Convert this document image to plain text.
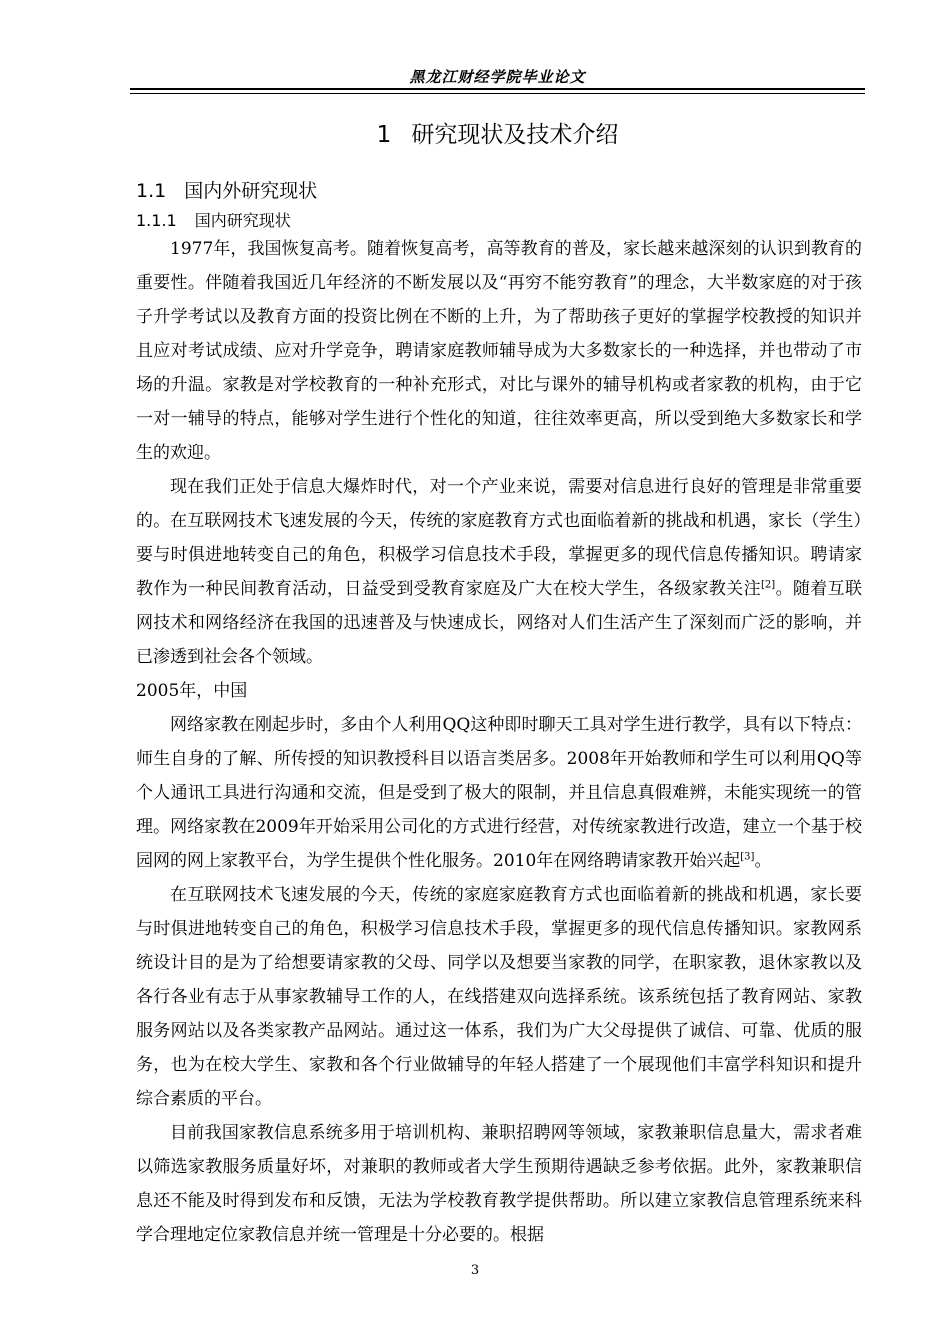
黑龙江财经学院毕业论文
1 研究现状及技术介绍
1.1 国内外研究现状
1.1.1 国内研究现状

1977年，我国恢复高考。随着恢复高考，高等教育的普及，家长越来越深刻的认识到教育的重要性。伴随着我国近几年经济的不断发展以及“再穷不能穷教育”的理念，大半数家庭的对于孩子升学考试以及教育方面的投资比例在不断的上升，为了帮助孩子更好的掌握学校教授的知识并且应对考试成绩、应对升学竞争，聘请家庭教师辅导成为大多数家长的一种选择，并也带动了市场的升温。家教是对学校教育的一种补充形式，对比与课外的辅导机构或者家教的机构，由于它一对一辅导的特点，能够对学生进行个性化的知道，往往效率更高，所以受到绝大多数家长和学生的欢迎。

现在我们正处于信息大爆炸时代，对一个产业来说，需要对信息进行良好的管理是非常重要的。在互联网技术飞速发展的今天，传统的家庭教育方式也面临着新的挑战和机遇，家长（学生）要与时俱进地转变自己的角色，积极学习信息技术手段，掌握更多的现代信息传播知识。聘请家教作为一种民间教育活动，日益受到受教育家庭及广大在校大学生，各级家教关注[2]。随着互联网技术和网络经济在我国的迅速普及与快速成长，网络对人们生活产生了深刻而广泛的影响，并已渗透到社会各个领域。

2005年，中国

网络家教在刚起步时，多由个人利用QQ这种即时聊天工具对学生进行教学，具有以下特点：师生自身的了解、所传授的知识教授科目以语言类居多。2008年开始教师和学生可以利用QQ等个人通讯工具进行沟通和交流，但是受到了极大的限制，并且信息真假难辨，未能实现统一的管理。网络家教在2009年开始采用公司化的方式进行经营，对传统家教进行改造，建立一个基于校园网的网上家教平台，为学生提供个性化服务。2010年在网络聘请家教开始兴起[3]。

在互联网技术飞速发展的今天，传统的家庭家庭教育方式也面临着新的挑战和机遇，家长要与时俱进地转变自己的角色，积极学习信息技术手段，掌握更多的现代信息传播知识。家教网系统设计目的是为了给想要请家教的父母、同学以及想要当家教的同学，在职家教，退休家教以及各行各业有志于从事家教辅导工作的人，在线搭建双向选择系统。该系统包括了教育网站、家教服务网站以及各类家教产品网站。通过这一体系，我们为广大父母提供了诚信、可靠、优质的服务，也为在校大学生、家教和各个行业做辅导的年轻人搭建了一个展现他们丰富学科知识和提升综合素质的平台。

目前我国家教信息系统多用于培训机构、兼职招聘网等领域，家教兼职信息量大，需求者难以筛选家教服务质量好坏，对兼职的教师或者大学生预期待遇缺乏参考依据。此外，家教兼职信息还不能及时得到发布和反馈，无法为学校教育教学提供帮助。所以建立家教信息管理系统来科学合理地定位家教信息并统一管理是十分必要的。根据

3
